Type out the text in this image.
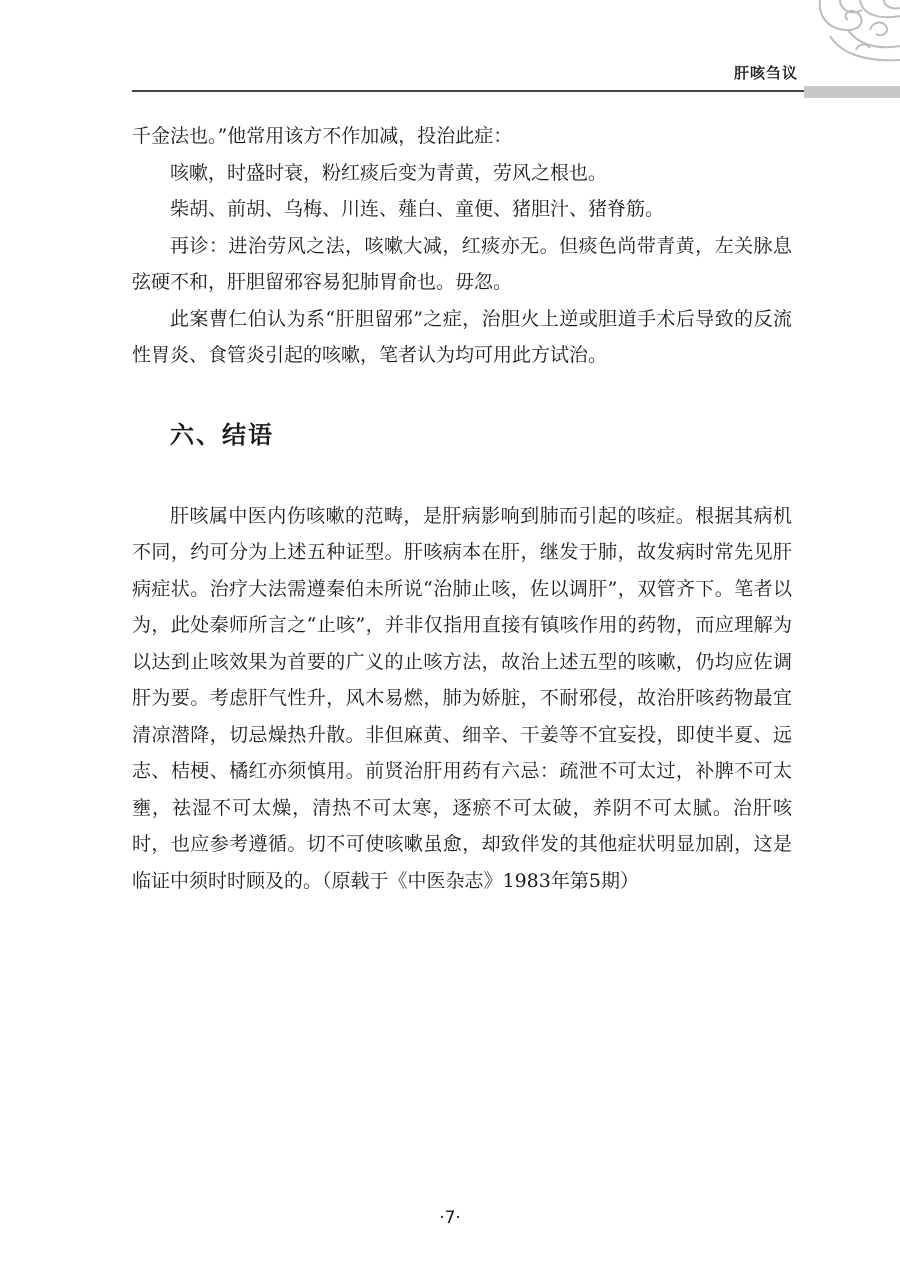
肝咳刍议

千金法也。”他常用该方不作加减，投治此症：

咳嗽，时盛时衰，粉红痰后变为青黄，劳风之根也。

柴胡、前胡、乌梅、川连、薤白、童便、猪胆汁、猪脊筋。

再诊：进治劳风之法，咳嗽大减，红痰亦无。但痰色尚带青黄，左关脉息弦硬不和，肝胆留邪容易犯肺胃俞也。毋忽。

此案曹仁伯认为系“肝胆留邪”之症，治胆火上逆或胆道手术后导致的反流性胃炎、食管炎引起的咳嗽，笔者认为均可用此方试治。

六、结语

肝咳属中医内伤咳嗽的范畴，是肝病影响到肺而引起的咳症。根据其病机不同，约可分为上述五种证型。肝咳病本在肝，继发于肺，故发病时常先见肝病症状。治疗大法需遵秦伯未所说“治肺止咳，佐以调肝”，双管齐下。笔者以为，此处秦师所言之“止咳”，并非仅指用直接有镇咳作用的药物，而应理解为以达到止咳效果为首要的广义的止咳方法，故治上述五型的咳嗽，仍均应佐调肝为要。考虑肝气性升，风木易燃，肺为娇脏，不耐邪侵，故治肝咳药物最宜清凉潜降，切忌燥热升散。非但麻黄、细辛、干姜等不宜妄投，即使半夏、远志、桔梗、橘红亦须慎用。前贤治肝用药有六忌：疏泄不可太过，补脾不可太壅，祛湿不可太燥，清热不可太寒，逐瘀不可太破，养阴不可太腻。治肝咳时，也应参考遵循。切不可使咳嗽虽愈，却致伴发的其他症状明显加剧，这是临证中须时时顾及的。（原载于《中医杂志》1983年第5期）

·7·
